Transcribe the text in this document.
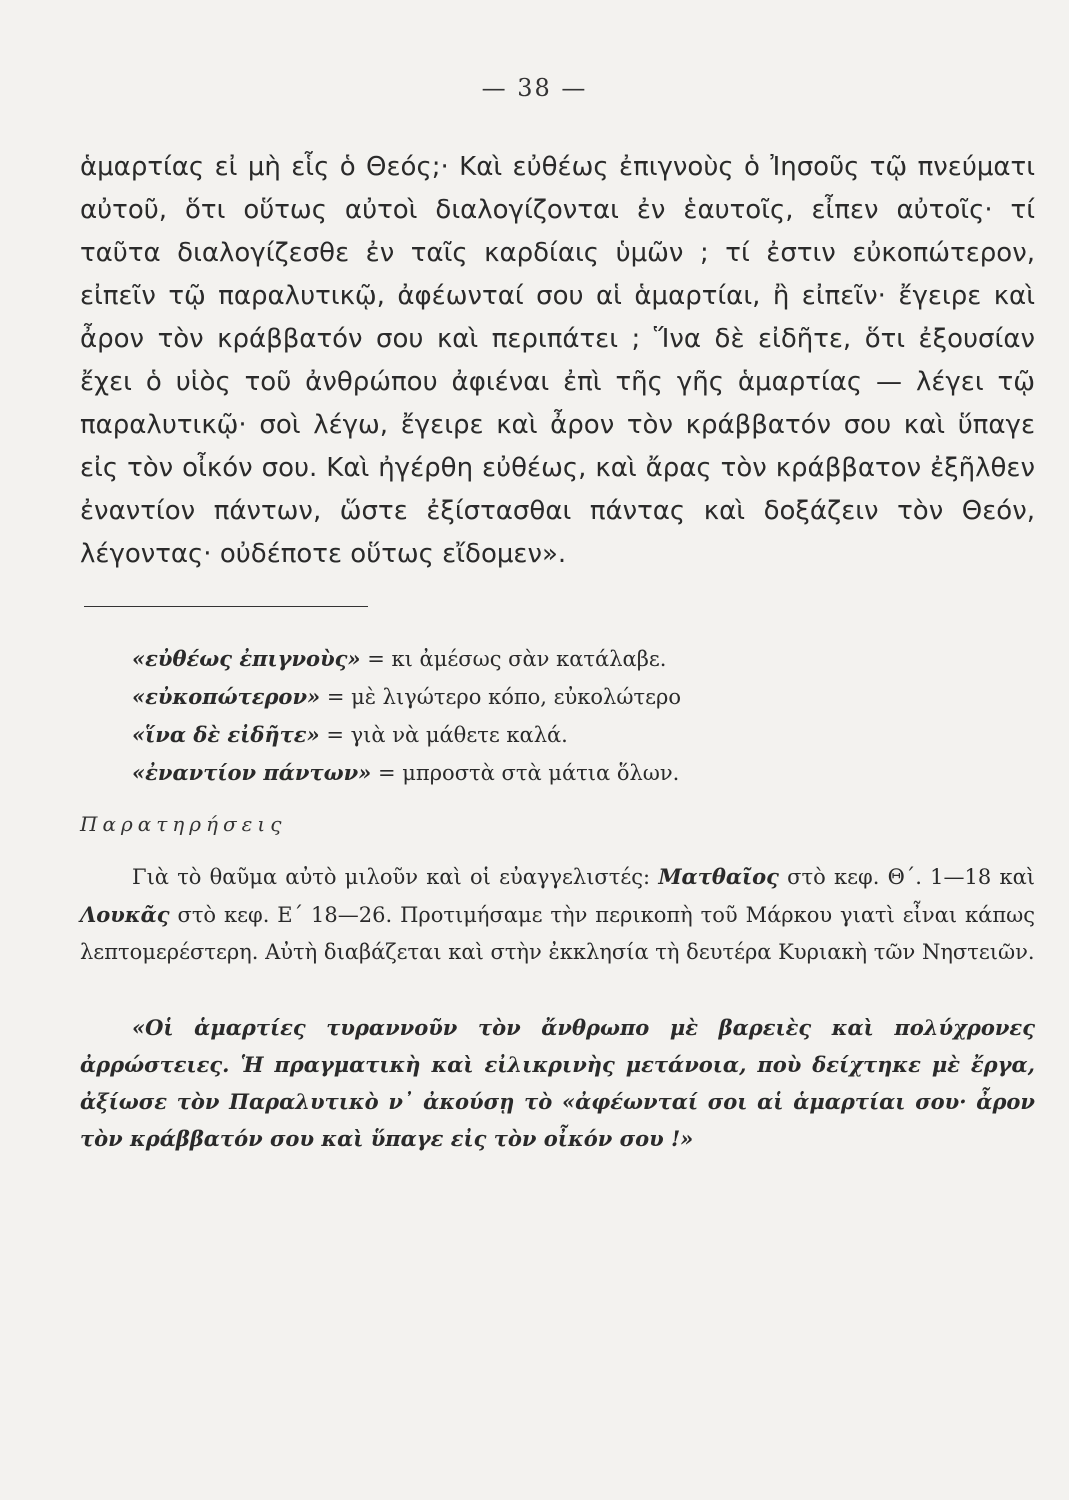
— 38 —

ἁμαρτίας εἰ μὴ εἷς ὁ Θεός;· Καὶ εὐθέως ἐπιγνοὺς ὁ Ἰησοῦς τῷ πνεύματι αὐτοῦ, ὅτι οὕτως αὐτοὶ διαλογίζονται ἐν ἑαυτοῖς, εἶπεν αὐτοῖς· τί ταῦτα διαλογίζεσθε ἐν ταῖς καρδίαις ὑμῶν ; τί ἐστιν εὐκοπώτερον, εἰπεῖν τῷ παραλυτικῷ, ἀφέωνταί σου αἱ ἁμαρτίαι, ἢ εἰπεῖν· ἔγειρε καὶ ἆρον τὸν κράββατόν σου καὶ περιπάτει ; Ἵνα δὲ εἰδῆτε, ὅτι ἐξουσίαν ἔχει ὁ υἱὸς τοῦ ἀνθρώπου ἀφιέναι ἐπὶ τῆς γῆς ἁμαρτίας — λέγει τῷ παραλυτικῷ· σοὶ λέγω, ἔγειρε καὶ ἆρον τὸν κράββατόν σου καὶ ὕπαγε εἰς τὸν οἶκόν σου. Καὶ ἠγέρθη εὐθέως, καὶ ἄρας τὸν κράββατον ἐξῆλθεν ἐναντίον πάντων, ὥστε ἐξίστασθαι πάντας καὶ δοξάζειν τὸν Θεόν, λέγοντας· οὐδέποτε οὕτως εἴδομεν».

«εὐθέως ἐπιγνοὺς» = κι ἀμέσως σὰν κατάλαβε.
«εὐκοπώτερον» = μὲ λιγώτερο κόπο, εὐκολώτερο
«ἵνα δὲ εἰδῆτε» = γιὰ νὰ μάθετε καλά.
«ἐναντίον πάντων» = μπροστὰ στὰ μάτια ὅλων.
Παρατηρήσεις

Γιὰ τὸ θαῦμα αὐτὸ μιλοῦν καὶ οἱ εὐαγγελιστές: Ματθαῖος στὸ κεφ. Θ΄. 1—18 καὶ Λουκᾶς στὸ κεφ. Ε΄ 18—26. Προτιμήσαμε τὴν περικοπὴ τοῦ Μάρκου γιατὶ εἶναι κάπως λεπτομερέστερη. Αὐτὴ διαβάζεται καὶ στὴν ἐκκλησία τὴ δευτέρα Κυριακὴ τῶν Νηστειῶν.

«Οἱ ἁμαρτίες τυραννοῦν τὸν ἄνθρωπο μὲ βαρειὲς καὶ πολύχρονες ἀρρώστειες. Ἡ πραγματικὴ καὶ εἰλικρινὴς μετάνοια, ποὺ δείχτηκε μὲ ἔργα, ἀξίωσε τὸν Παραλυτικὸ ν᾽ ἀκούσῃ τὸ «ἀφέωνταί σοι αἱ ἁμαρτίαι σου· ἆρον τὸν κράββατόν σου καὶ ὕπαγε εἰς τὸν οἶκόν σου !»
